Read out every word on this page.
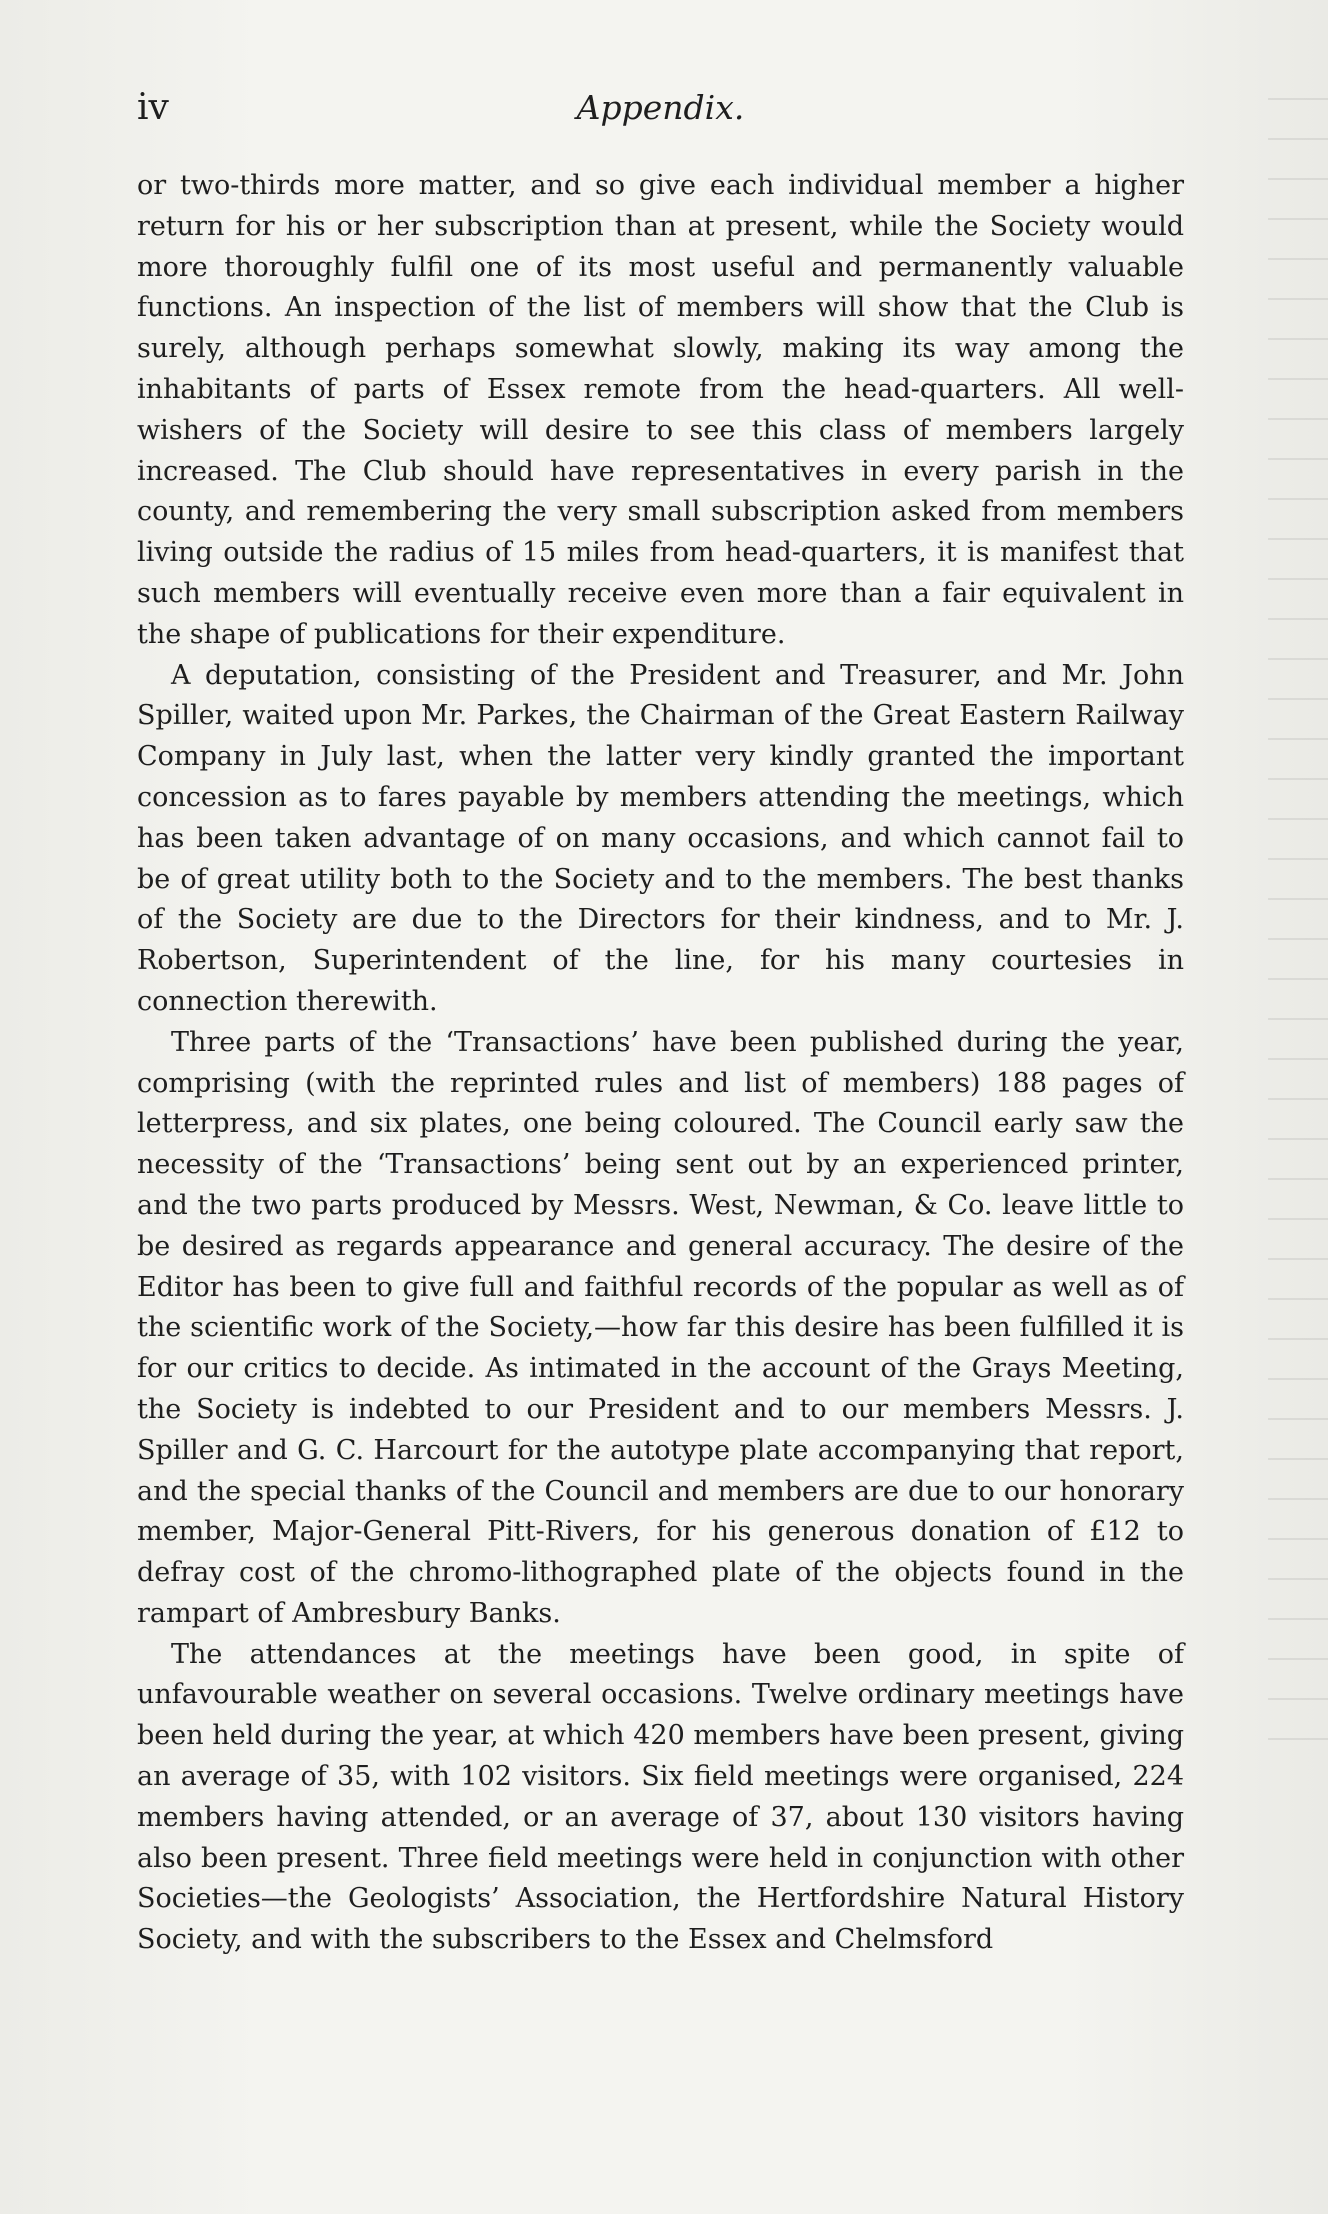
iv	Appendix.

or two-thirds more matter, and so give each individual member a higher return for his or her subscription than at present, while the Society would more thoroughly fulfil one of its most useful and permanently valuable functions. An inspection of the list of members will show that the Club is surely, although perhaps somewhat slowly, making its way among the inhabitants of parts of Essex remote from the head-quarters. All well-wishers of the Society will desire to see this class of members largely increased. The Club should have representatives in every parish in the county, and remembering the very small subscription asked from members living outside the radius of 15 miles from head-quarters, it is manifest that such members will eventually receive even more than a fair equivalent in the shape of publications for their expenditure.

A deputation, consisting of the President and Treasurer, and Mr. John Spiller, waited upon Mr. Parkes, the Chairman of the Great Eastern Railway Company in July last, when the latter very kindly granted the important concession as to fares payable by members attending the meetings, which has been taken advantage of on many occasions, and which cannot fail to be of great utility both to the Society and to the members. The best thanks of the Society are due to the Directors for their kindness, and to Mr. J. Robertson, Superintendent of the line, for his many courtesies in connection therewith.

Three parts of the ‘Transactions’ have been published during the year, comprising (with the reprinted rules and list of members) 188 pages of letterpress, and six plates, one being coloured. The Council early saw the necessity of the ‘Transactions’ being sent out by an experienced printer, and the two parts produced by Messrs. West, Newman, & Co. leave little to be desired as regards appearance and general accuracy. The desire of the Editor has been to give full and faithful records of the popular as well as of the scientific work of the Society,—how far this desire has been fulfilled it is for our critics to decide. As intimated in the account of the Grays Meeting, the Society is indebted to our President and to our members Messrs. J. Spiller and G. C. Harcourt for the autotype plate accompanying that report, and the special thanks of the Council and members are due to our honorary member, Major-General Pitt-Rivers, for his generous donation of £12 to defray cost of the chromo-lithographed plate of the objects found in the rampart of Ambresbury Banks.

The attendances at the meetings have been good, in spite of unfavourable weather on several occasions. Twelve ordinary meetings have been held during the year, at which 420 members have been present, giving an average of 35, with 102 visitors. Six field meetings were organised, 224 members having attended, or an average of 37, about 130 visitors having also been present. Three field meetings were held in conjunction with other Societies—the Geologists’ Association, the Hertfordshire Natural History Society, and with the subscribers to the Essex and Chelmsford
